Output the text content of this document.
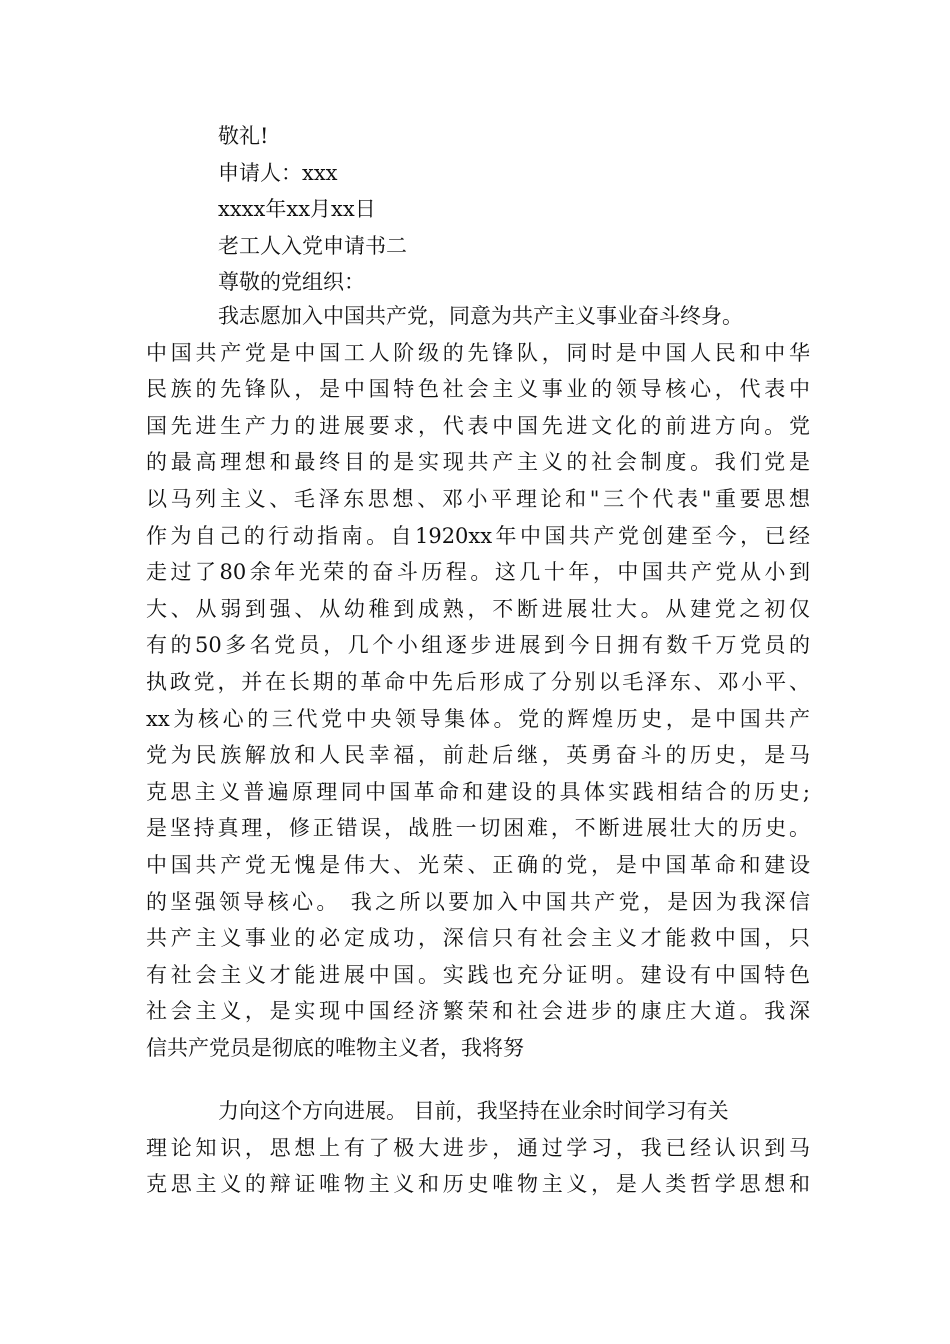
敬礼!
申请人：xxx
xxxx年xx月xx日
老工人入党申请书二
尊敬的党组织：
我志愿加入中国共产党，同意为共产主义事业奋斗终身。
中国共产党是中国工人阶级的先锋队，同时是中国人民和中华
民族的先锋队，是中国特色社会主义事业的领导核心，代表中
国先进生产力的进展要求，代表中国先进文化的前进方向。党
的最高理想和最终目的是实现共产主义的社会制度。我们党是
以马列主义、毛泽东思想、邓小平理论和"三个代表"重要思想
作为自己的行动指南。自1920xx年中国共产党创建至今，已经
走过了80余年光荣的奋斗历程。这几十年，中国共产党从小到
大、从弱到强、从幼稚到成熟，不断进展壮大。从建党之初仅
有的50多名党员，几个小组逐步进展到今日拥有数千万党员的
执政党，并在长期的革命中先后形成了分别以毛泽东、邓小平、
xx为核心的三代党中央领导集体。党的辉煌历史，是中国共产
党为民族解放和人民幸福，前赴后继，英勇奋斗的历史，是马
克思主义普遍原理同中国革命和建设的具体实践相结合的历史;
是坚持真理，修正错误，战胜一切困难，不断进展壮大的历史。
中国共产党无愧是伟大、光荣、正确的党，是中国革命和建设
的坚强领导核心。 我之所以要加入中国共产党，是因为我深信
共产主义事业的必定成功，深信只有社会主义才能救中国，只
有社会主义才能进展中国。实践也充分证明。建设有中国特色
社会主义，是实现中国经济繁荣和社会进步的康庄大道。我深
信共产党员是彻底的唯物主义者，我将努
力向这个方向进展。 目前，我坚持在业余时间学习有关
理论知识，思想上有了极大进步，通过学习，我已经认识到马
克思主义的辩证唯物主义和历史唯物主义，是人类哲学思想和
